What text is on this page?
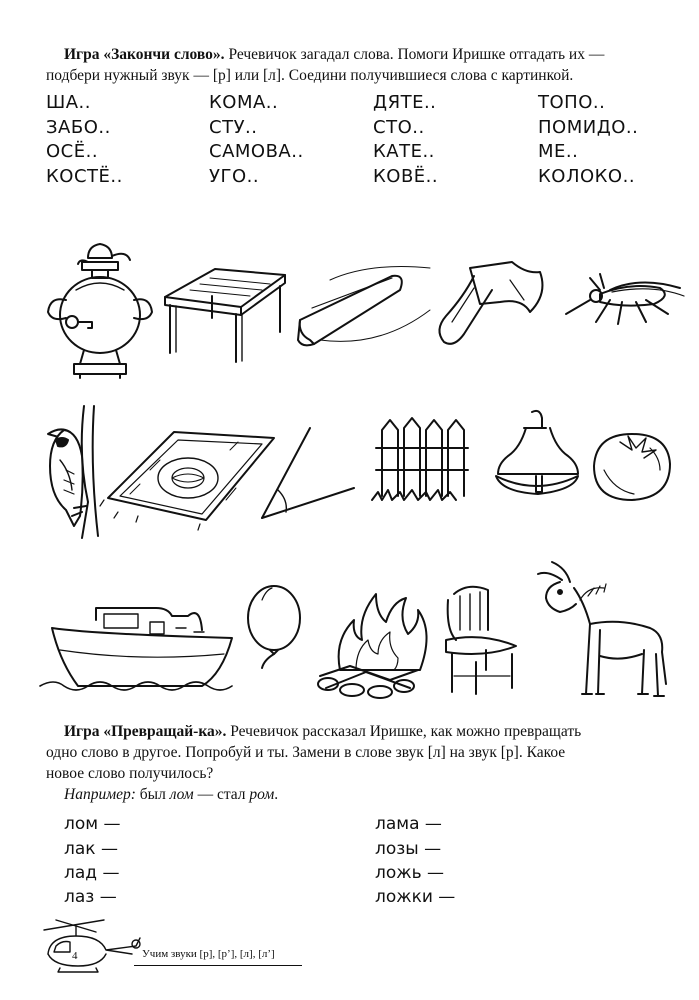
Игра «Закончи слово». Речевичок загадал слова. Помоги Иришке отгадать их —
подбери нужный звук — [р] или [л]. Соедини получившиеся слова с картинкой.
ША..	КОМА..	ДЯТЕ..	ТОПО..
ЗАБО..	СТУ..	СТО..	ПОМИДО..
ОСЁ..	САМОВА..	КАТЕ..	МЕ..
КОСТЁ..	УГО..	КОВЁ..	КОЛОКО..
Игра «Превращай-ка». Речевичок рассказал Иришке, как можно превращать
одно слово в другое. Попробуй и ты. Замени в слове звук [л] на звук [р]. Какое
новое слово получилось?
Например: был лом — стал ром.
лом —
лак —
лад —
лаз —
лама —
лозы —
ложь —
ложки —
4	Учим звуки [р], [р’], [л], [л’]
